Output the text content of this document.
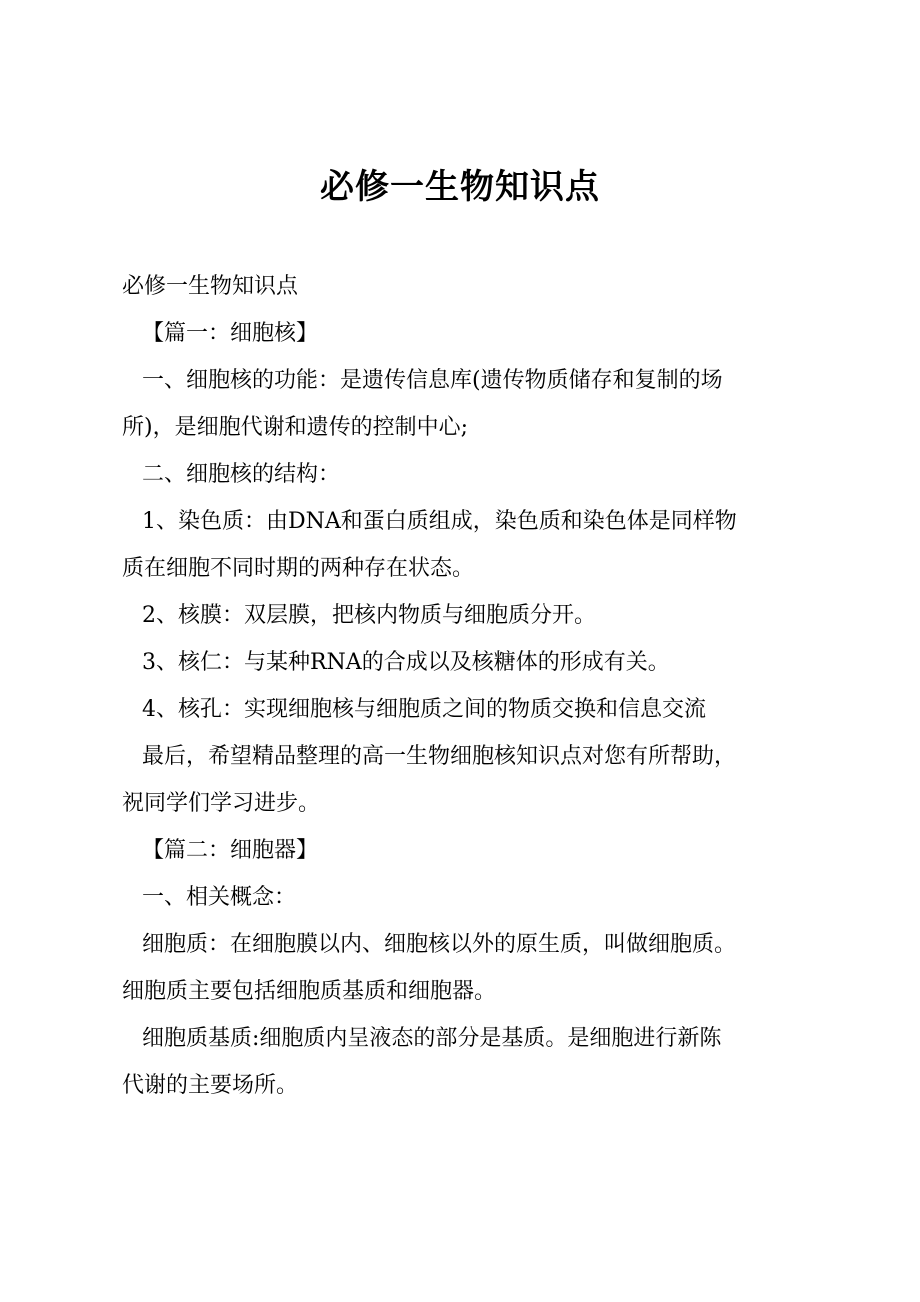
必修一生物知识点
必修一生物知识点
【篇一：细胞核】
一、细胞核的功能：是遗传信息库(遗传物质储存和复制的场
所)，是细胞代谢和遗传的控制中心;
二、细胞核的结构：
1、染色质：由DNA和蛋白质组成，染色质和染色体是同样物
质在细胞不同时期的两种存在状态。
2、核膜：双层膜，把核内物质与细胞质分开。
3、核仁：与某种RNA的合成以及核糖体的形成有关。
4、核孔：实现细胞核与细胞质之间的物质交换和信息交流
最后，希望精品整理的高一生物细胞核知识点对您有所帮助，
祝同学们学习进步。
【篇二：细胞器】
一、相关概念：
细胞质：在细胞膜以内、细胞核以外的原生质，叫做细胞质。
细胞质主要包括细胞质基质和细胞器。
细胞质基质:细胞质内呈液态的部分是基质。是细胞进行新陈
代谢的主要场所。
